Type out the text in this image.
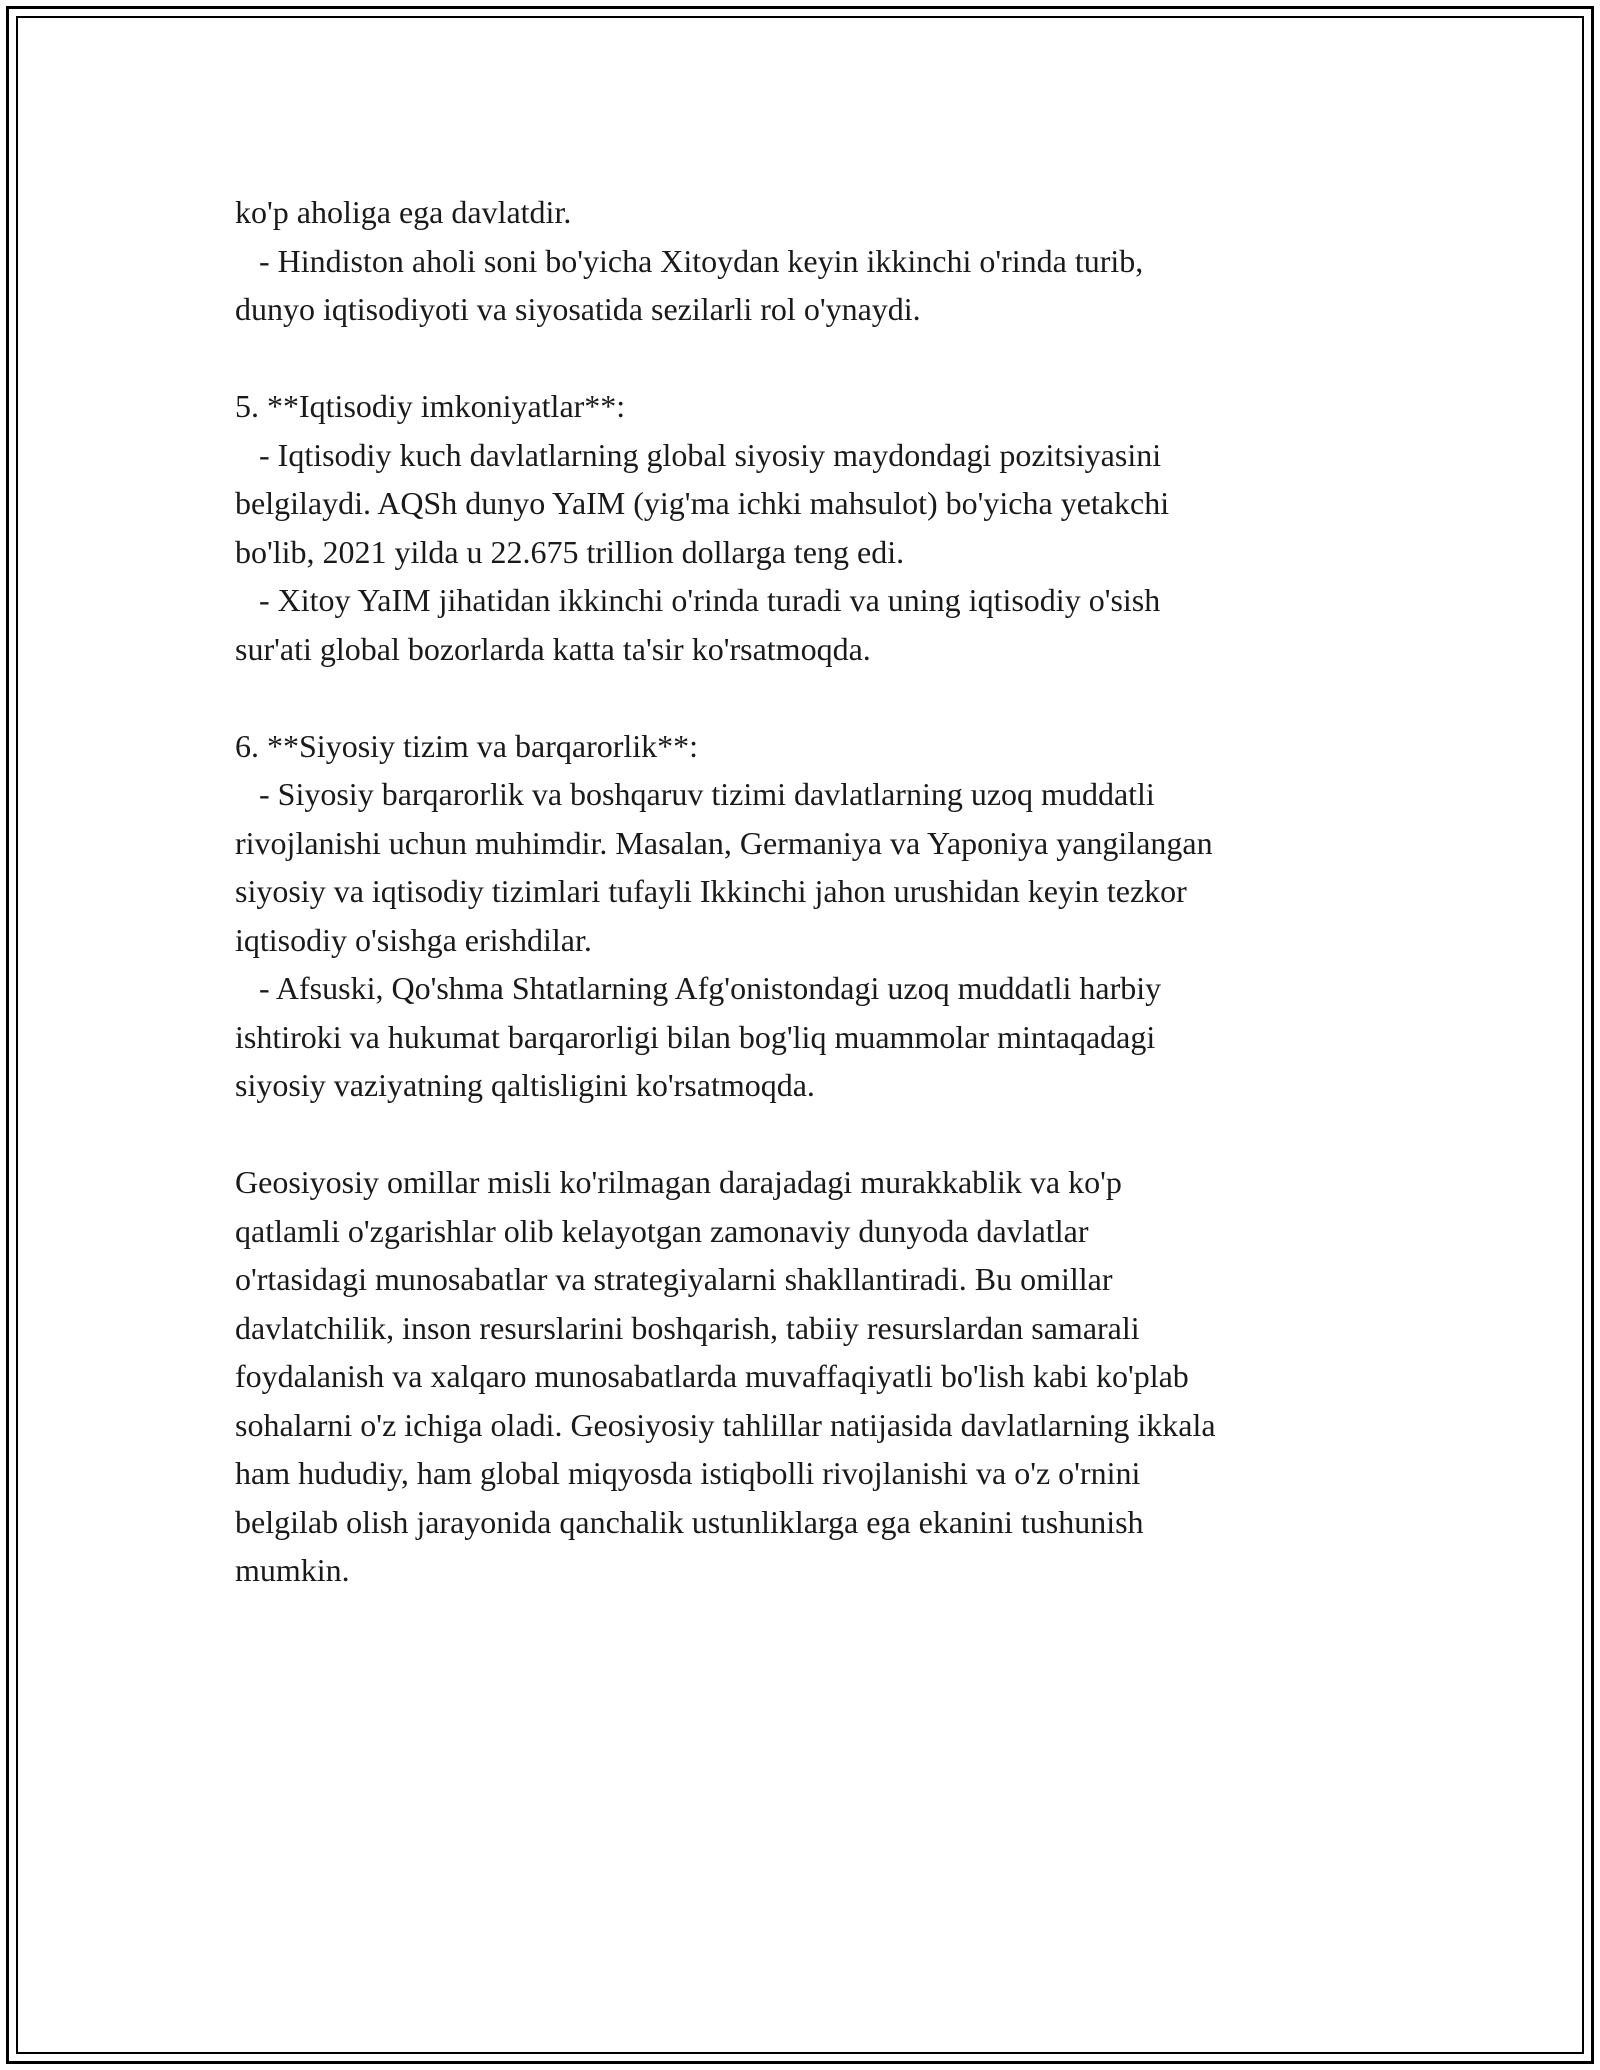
ko'p aholiga ega davlatdir.
- Hindiston aholi soni bo'yicha Xitoydan keyin ikkinchi o'rinda turib,
dunyo iqtisodiyoti va siyosatida sezilarli rol o'ynaydi.
5. **Iqtisodiy imkoniyatlar**:
- Iqtisodiy kuch davlatlarning global siyosiy maydondagi pozitsiyasini
belgilaydi. AQSh dunyo YaIM (yig'ma ichki mahsulot) bo'yicha yetakchi
bo'lib, 2021 yilda u 22.675 trillion dollarga teng edi.
- Xitoy YaIM jihatidan ikkinchi o'rinda turadi va uning iqtisodiy o'sish
sur'ati global bozorlarda katta ta'sir ko'rsatmoqda.
6. **Siyosiy tizim va barqarorlik**:
- Siyosiy barqarorlik va boshqaruv tizimi davlatlarning uzoq muddatli
rivojlanishi uchun muhimdir. Masalan, Germaniya va Yaponiya yangilangan
siyosiy va iqtisodiy tizimlari tufayli Ikkinchi jahon urushidan keyin tezkor
iqtisodiy o'sishga erishdilar.
- Afsuski, Qo'shma Shtatlarning Afg'onistondagi uzoq muddatli harbiy
ishtiroki va hukumat barqarorligi bilan bog'liq muammolar mintaqadagi
siyosiy vaziyatning qaltisligini ko'rsatmoqda.
Geosiyosiy omillar misli ko'rilmagan darajadagi murakkablik va ko'p
qatlamli o'zgarishlar olib kelayotgan zamonaviy dunyoda davlatlar
o'rtasidagi munosabatlar va strategiyalarni shakllantiradi. Bu omillar
davlatchilik, inson resurslarini boshqarish, tabiiy resurslardan samarali
foydalanish va xalqaro munosabatlarda muvaffaqiyatli bo'lish kabi ko'plab
sohalarni o'z ichiga oladi. Geosiyosiy tahlillar natijasida davlatlarning ikkala
ham hududiy, ham global miqyosda istiqbolli rivojlanishi va o'z o'rnini
belgilab olish jarayonida qanchalik ustunliklarga ega ekanini tushunish
mumkin.
